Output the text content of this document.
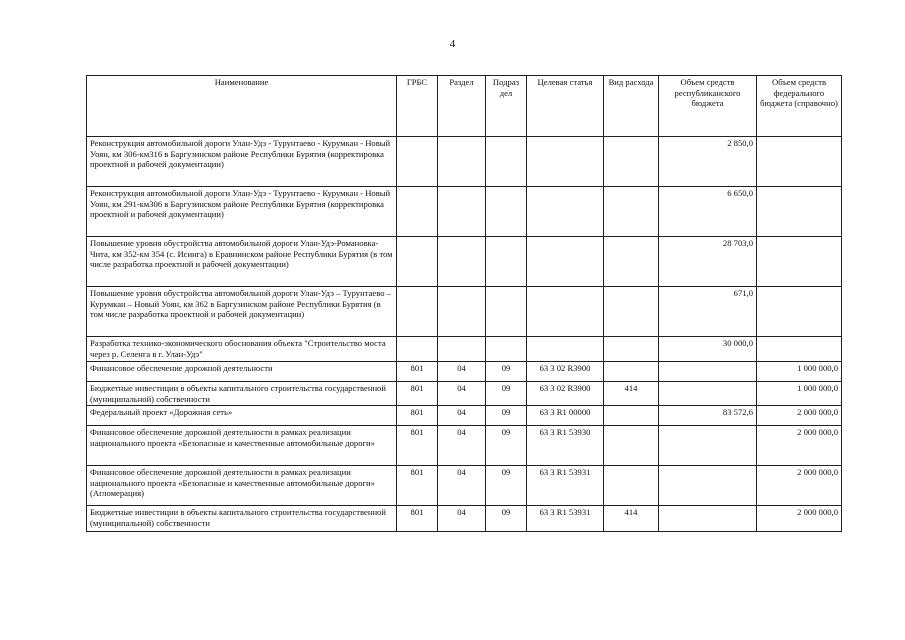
4
Наименование	ГРБС	Раздел	Подраз дел	Целевая статья	Вид расхода	Объем средств республиканского бюджета	Объем средств федерального бюджета (справочно)
Реконструкция автомобильной дороги Улан-Удэ - Турунтаево - Курумкан - Новый Уоян, км 306-км316 в Баргузинском районе Республики Бурятия (корректировка проектной и рабочей документации)						2 850,0	
Реконструкция автомобильной дороги Улан-Удэ - Турунтаево - Курумкан - Новый Уоян, км 291-км306 в Баргузинском районе Республики Бурятия (корректировка проектной и рабочей документации)						6 650,0	
Повышение уровня обустройства автомобильной дороги Улан-Удэ-Романовка-Чита, км 352-км 354 (с. Исинга) в Еравнинском районе Республики Бурятия (в том числе разработка проектной и рабочей документации)						28 703,0	
Повышение уровня обустройства автомобильной дороги Улан-Удэ – Турунтаево – Курумкан – Новый Уоян, км 362 в Баргузинском районе Республики Бурятия (в том числе разработка проектной и рабочей документации)						671,0	
Разработка технико-экономического обоснования объекта "Строительство моста через р. Селенга в г. Улан-Удэ"						30 000,0	
Финансовое обеспечение дорожной деятельности	801	04	09	63 3 02 R3900			1 000 000,0
Бюджетные инвестиции в объекты капитального строительства государственной (муниципальной) собственности	801	04	09	63 3 02 R3900	414		1 000 000,0
Федеральный проект «Дорожная сеть»	801	04	09	63 3 R1 00000		83 572,6	2 000 000,0
Финансовое обеспечение дорожной деятельности в рамках реализации национального проекта «Безопасные и качественные автомобильные дороги»	801	04	09	63 3 R1 53930			2 000 000,0
Финансовое обеспечение дорожной деятельности в рамках реализации национального проекта «Безопасные и качественные автомобильные дороги» (Агломерация)	801	04	09	63 3 R1 53931			2 000 000,0
Бюджетные инвестиции в объекты капитального строительства государственной (муниципальной) собственности	801	04	09	63 3 R1 53931	414		2 000 000,0
